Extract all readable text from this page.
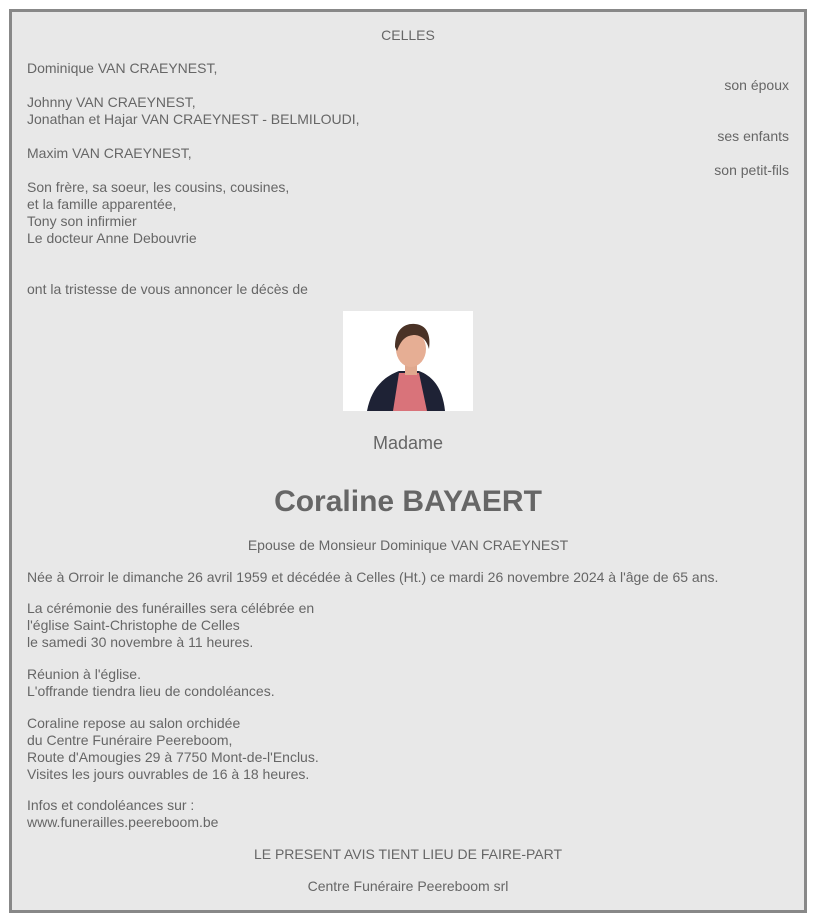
CELLES
Dominique VAN CRAEYNEST,
son époux
Johnny VAN CRAEYNEST,
Jonathan et Hajar VAN CRAEYNEST - BELMILOUDI,
ses enfants
Maxim VAN CRAEYNEST,
son petit-fils
Son frère, sa soeur, les cousins, cousines,
et la famille apparentée,
Tony son infirmier
Le docteur Anne Debouvrie
ont la tristesse de vous annoncer le décès de
Madame
Coraline BAYAERT
Epouse de Monsieur Dominique VAN CRAEYNEST
Née à Orroir le dimanche 26 avril 1959 et décédée à Celles (Ht.) ce mardi 26 novembre 2024 à l'âge de 65 ans.
La cérémonie des funérailles sera célébrée en
l'église Saint-Christophe de Celles
le samedi 30 novembre à 11 heures.
Réunion à l'église.
L'offrande tiendra lieu de condoléances.
Coraline repose au salon orchidée
du Centre Funéraire Peereboom,
Route d'Amougies 29 à 7750 Mont-de-l'Enclus.
Visites les jours ouvrables de 16 à 18 heures.
Infos et condoléances sur :
www.funerailles.peereboom.be
LE PRESENT AVIS TIENT LIEU DE FAIRE-PART
Centre Funéraire Peereboom srl
